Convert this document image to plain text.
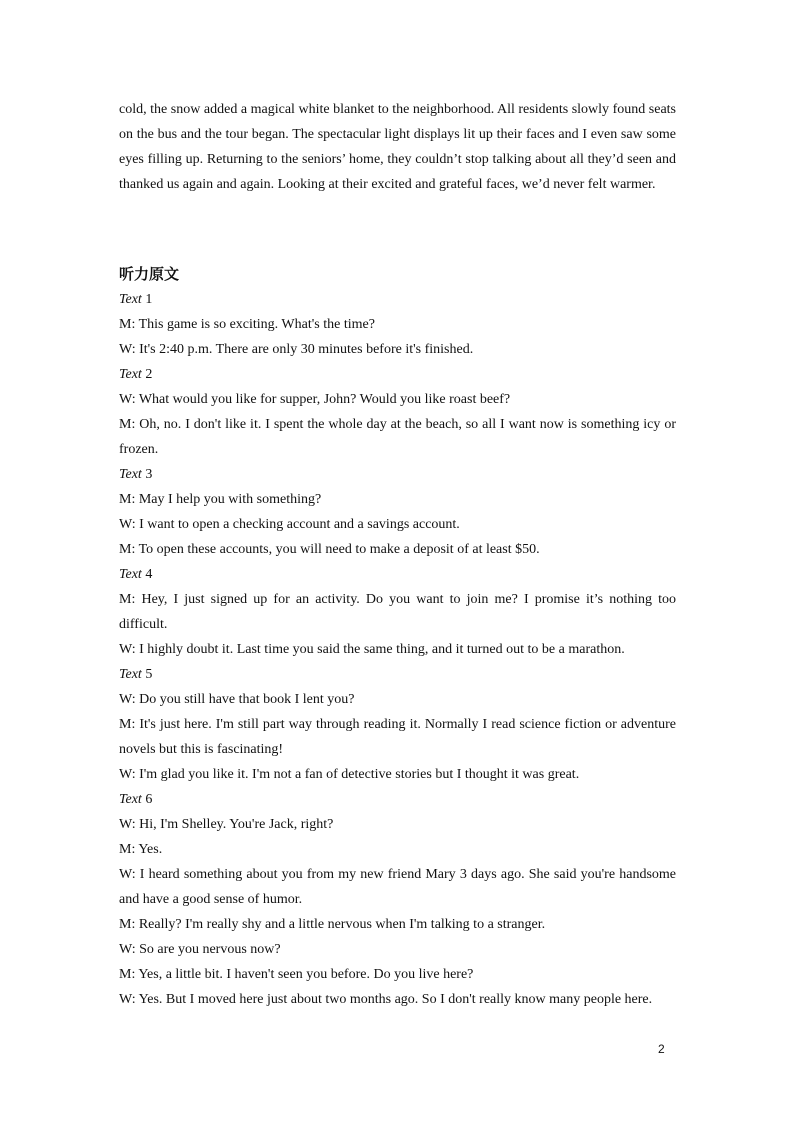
cold, the snow added a magical white blanket to the neighborhood. All residents slowly found seats on the bus and the tour began. The spectacular light displays lit up their faces and I even saw some eyes filling up. Returning to the seniors’ home, they couldn’t stop talking about all they’d seen and thanked us again and again. Looking at their excited and grateful faces, we’d never felt warmer.

听力原文

Text 1

M: This game is so exciting. What's the time?

W: It's 2:40 p.m. There are only 30 minutes before it's finished.

Text 2

W: What would you like for supper, John? Would you like roast beef?

M: Oh, no. I don't like it. I spent the whole day at the beach, so all I want now is something icy or frozen.

Text 3

M: May I help you with something?

W: I want to open a checking account and a savings account.

M: To open these accounts, you will need to make a deposit of at least $50.

Text 4

M: Hey, I just signed up for an activity. Do you want to join me? I promise it’s nothing too difficult.

W: I highly doubt it. Last time you said the same thing, and it turned out to be a marathon.

Text 5

W: Do you still have that book I lent you?

M: It's just here. I'm still part way through reading it. Normally I read science fiction or adventure novels but this is fascinating!

W: I'm glad you like it. I'm not a fan of detective stories but I thought it was great.

Text 6

W: Hi, I'm Shelley. You're Jack, right?

M: Yes.

W: I heard something about you from my new friend Mary 3 days ago. She said you're handsome and have a good sense of humor.

M: Really? I'm really shy and a little nervous when I'm talking to a stranger.

W: So are you nervous now?

M: Yes, a little bit. I haven't seen you before. Do you live here?

W: Yes. But I moved here just about two months ago. So I don't really know many people here.

2
